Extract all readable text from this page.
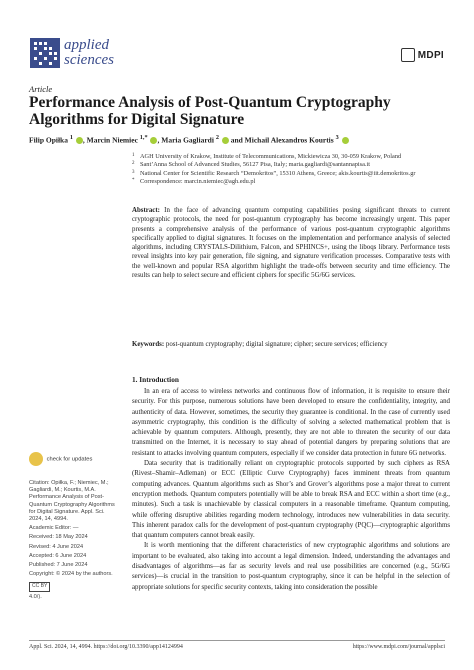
applied
sciences	MDPI
Article
Performance Analysis of Post-Quantum Cryptography Algorithms for Digital Signature
Filip Opiłka $^1$ , Marcin Niemiec $^{1,*}$ , Maria Gagliardi $^2$ and Michail Alexandros Kourtis $^3$
1 AGH University of Krakow, Institute of Telecommunications, Mickiewicza 30, 30-059 Krakow, Poland
2 Sant’Anna School of Advanced Studies, 56127 Pisa, Italy; maria.gagliardi@santannapisa.it
3 National Center for Scientific Research “Demokritos”, 15310 Athens, Greece; akis.kourtis@iit.demokritos.gr
* Correspondence: marcin.niemiec@agh.edu.pl
Abstract: In the face of advancing quantum computing capabilities posing significant threats to current cryptographic protocols, the need for post-quantum cryptography has become increasingly urgent. This paper presents a comprehensive analysis of the performance of various post-quantum cryptographic algorithms specifically applied to digital signatures. It focuses on the implementation and performance analysis of selected algorithms, including CRYSTALS-Dilithium, Falcon, and SPHINCS+, using the liboqs library. Performance tests reveal insights into key pair generation, file signing, and signature verification processes. Comparative tests with the well-known and popular RSA algorithm highlight the trade-offs between security and time efficiency. The results can help to select secure and efficient ciphers for specific 5G/6G services.
Keywords: post-quantum cryptography; digital signature; cipher; secure services; efficiency
1. Introduction

In an era of access to wireless networks and continuous flow of information, it is requisite to ensure their security. For this purpose, numerous solutions have been developed to ensure the confidentiality, integrity, and authenticity of data. However, sometimes, the security they guarantee is conditional. In the case of currently used asymmetric cryptography, this condition is the difficulty of solving a selected mathematical problem that is achievable by quantum computers. Although, presently, they are not able to threaten the security of our data transmitted on the Internet, it is necessary to stay ahead of potential dangers by preparing solutions that are resistant to attacks involving quantum computers, especially if we consider data protection in future 6G networks.

Data security that is traditionally reliant on cryptographic protocols supported by such ciphers as RSA (Rivest–Shamir–Adleman) or ECC (Elliptic Curve Cryptography) faces imminent threats from quantum computing advances. Quantum algorithms such as Shor’s and Grover’s algorithms pose a major threat to current encryption methods. Quantum computers potentially will be able to break RSA and ECC within a short time (e.g., minutes). Such a task is unachievable by classical computers in a reasonable timeframe. Quantum computing, while offering disruptive abilities regarding modern technology, introduces new vulnerabilities in data security. This inherent paradox calls for the development of post-quantum cryptography (PQC)—cryptographic algorithms that quantum computers cannot break easily.

It is worth mentioning that the different characteristics of new cryptographic algorithms and solutions are important to be evaluated, also taking into account a legal dimension. Indeed, understanding the advantages and disadvantages of algorithms—as far as security levels and real use possibilities are concerned (e.g., 5G/6G services)—is crucial in the transition to post-quantum cryptography, since it can be helpful in the selection of appropriate solutions for specific security contexts, taking into consideration the possible

check for updates
Citation: Opiłka, F.; Niemiec, M.; Gagliardi, M.; Kourtis, M.A. Performance Analysis of Post-Quantum Cryptography Algorithms for Digital Signature. Appl. Sci. 2024, 14, 4994.
Academic Editor: —
Received: 18 May 2024
Revised: 4 June 2024
Accepted: 6 June 2024
Published: 7 June 2024
Copyright: © 2024 by the authors.
CC BY
4.0/).
Appl. Sci. 2024, 14, 4994. https://doi.org/10.3390/app14124994	https://www.mdpi.com/journal/applsci
